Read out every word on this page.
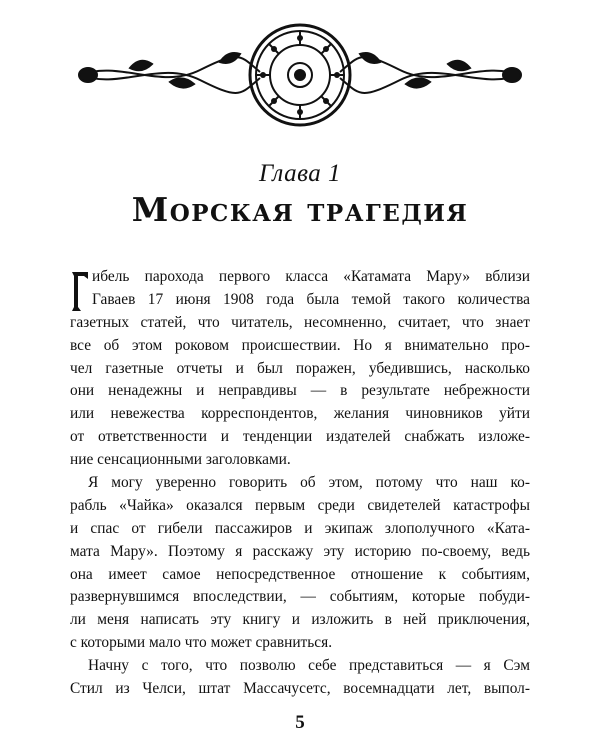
Глава 1
Морская трагедия
ибель парохода первого класса «Катамата Мару» вблизи
Гаваев 17 июня 1908 года была темой такого количества
газетных статей, что читатель, несомненно, считает, что знает
все об этом роковом происшествии. Но я внимательно про-
чел газетные отчеты и был поражен, убедившись, насколько
они ненадежны и неправдивы — в результате небрежности
или невежества корреспондентов, желания чиновников уйти
от ответственности и тенденции издателей снабжать изложе-
ние сенсационными заголовками.
Я могу уверенно говорить об этом, потому что наш ко-
рабль «Чайка» оказался первым среди свидетелей катастрофы
и спас от гибели пассажиров и экипаж злополучного «Ката-
мата Мару». Поэтому я расскажу эту историю по-своему, ведь
она имеет самое непосредственное отношение к событиям,
развернувшимся впоследствии, — событиям, которые побуди-
ли меня написать эту книгу и изложить в ней приключения,
с которыми мало что может сравниться.
Начну с того, что позволю себе представиться — я Сэм
Стил из Челси, штат Массачусетс, восемнадцати лет, выпол-
5
